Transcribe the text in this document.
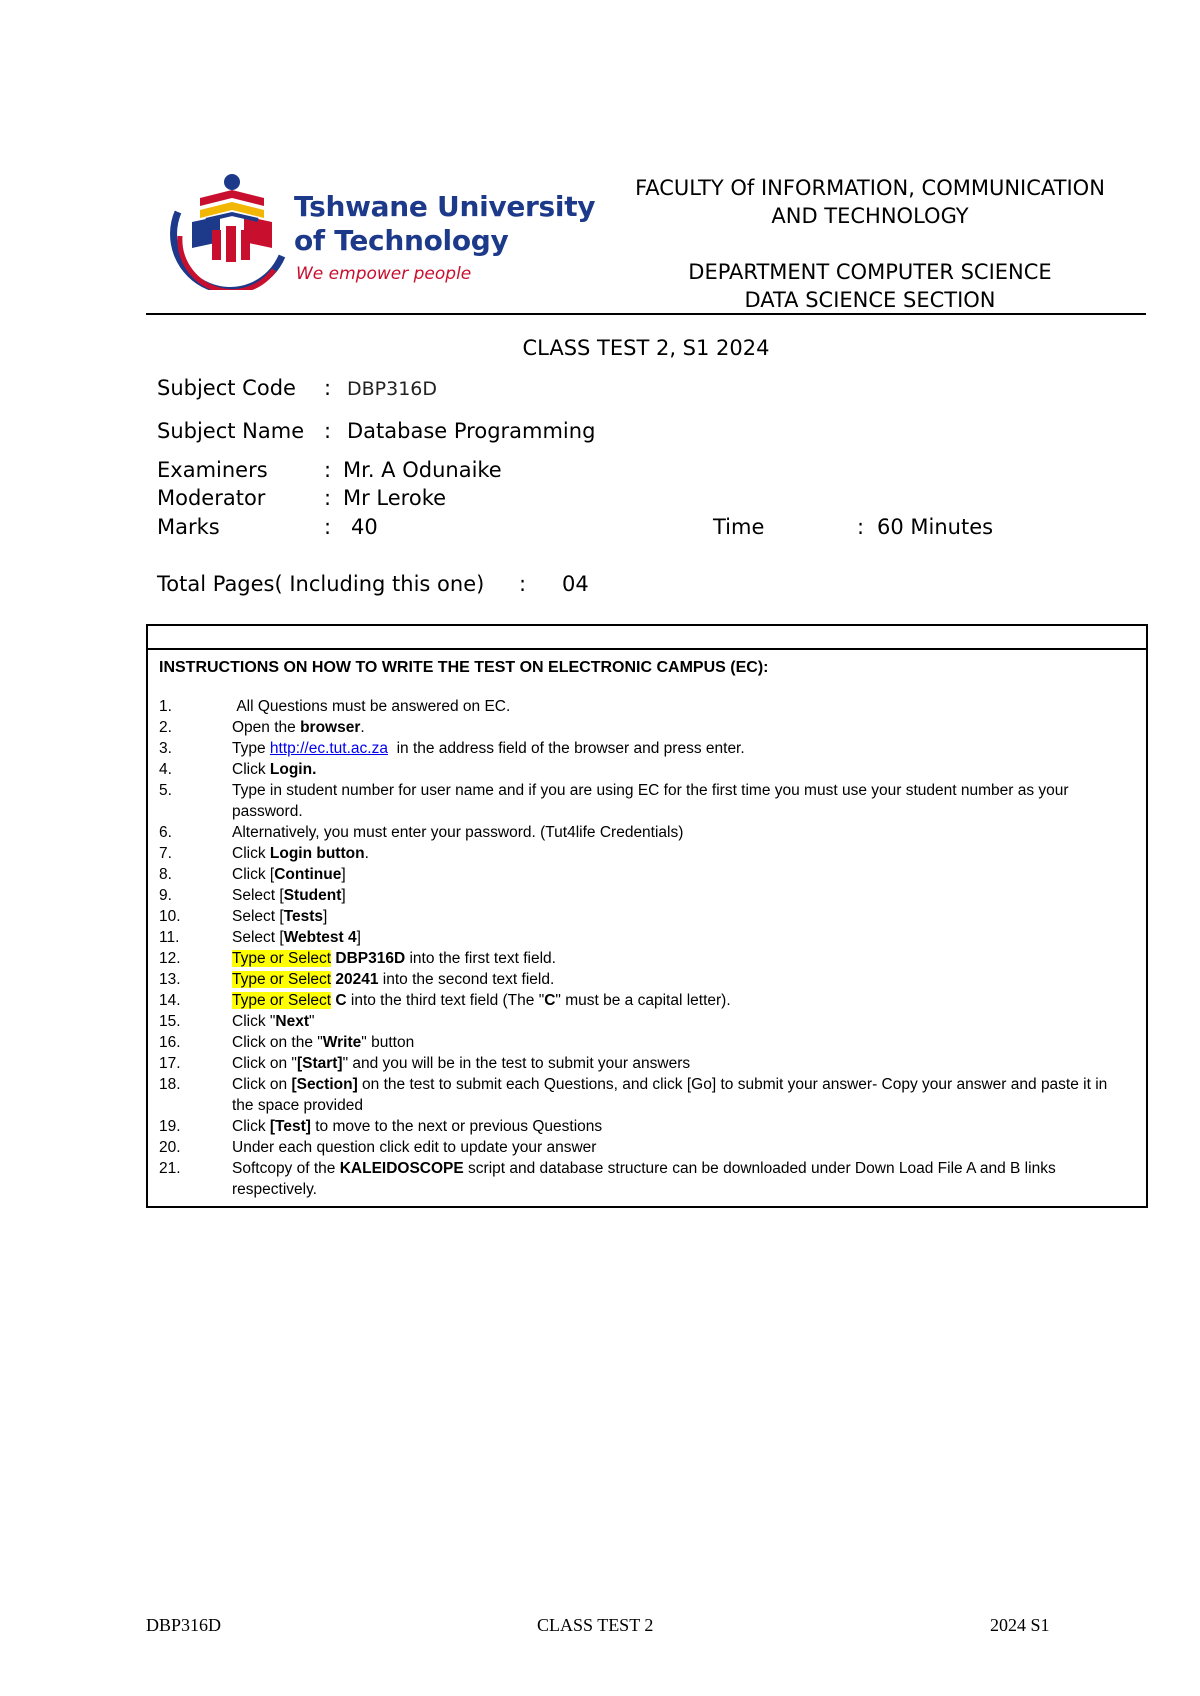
Tshwane University
of Technology
We empower people
FACULTY Of INFORMATION, COMMUNICATION
AND TECHNOLOGY
DEPARTMENT COMPUTER SCIENCE
DATA SCIENCE SECTION
CLASS TEST 2, S1 2024
Subject Code : DBP316D
Subject Name : Database Programming
Examiners	: Mr. A Odunaike
Moderator	: Mr Leroke
Marks	: 40	Time	: 60 Minutes
Total Pages( Including this one) : 04
INSTRUCTIONS ON HOW TO WRITE THE TEST ON ELECTRONIC CAMPUS (EC):
1.	All Questions must be answered on EC.
2.	Open the browser.
3.	Type http://ec.tut.ac.za  in the address field of the browser and press enter.
4.	Click Login.
5.	Type in student number for user name and if you are using EC for the first time you must use your student number as your password.
6.	Alternatively, you must enter your password. (Tut4life Credentials)
7.	Click Login button.
8.	Click [Continue]
9.	Select [Student]
10.	Select [Tests]
11.	Select [Webtest 4]
12.	Type or Select DBP316D into the first text field.
13.	Type or Select 20241 into the second text field.
14.	Type or Select C into the third text field (The "C" must be a capital letter).
15.	Click "Next"
16.	Click on the "Write" button
17.	Click on "[Start]" and you will be in the test to submit your answers
18.	Click on [Section] on the test to submit each Questions, and click [Go] to submit your answer- Copy your answer and paste it in the space provided
19.	Click [Test] to move to the next or previous Questions
20.	Under each question click edit to update your answer
21.	Softcopy of the KALEIDOSCOPE script and database structure can be downloaded under Down Load File A and B links respectively.
DBP316D	CLASS TEST 2	2024 S1
